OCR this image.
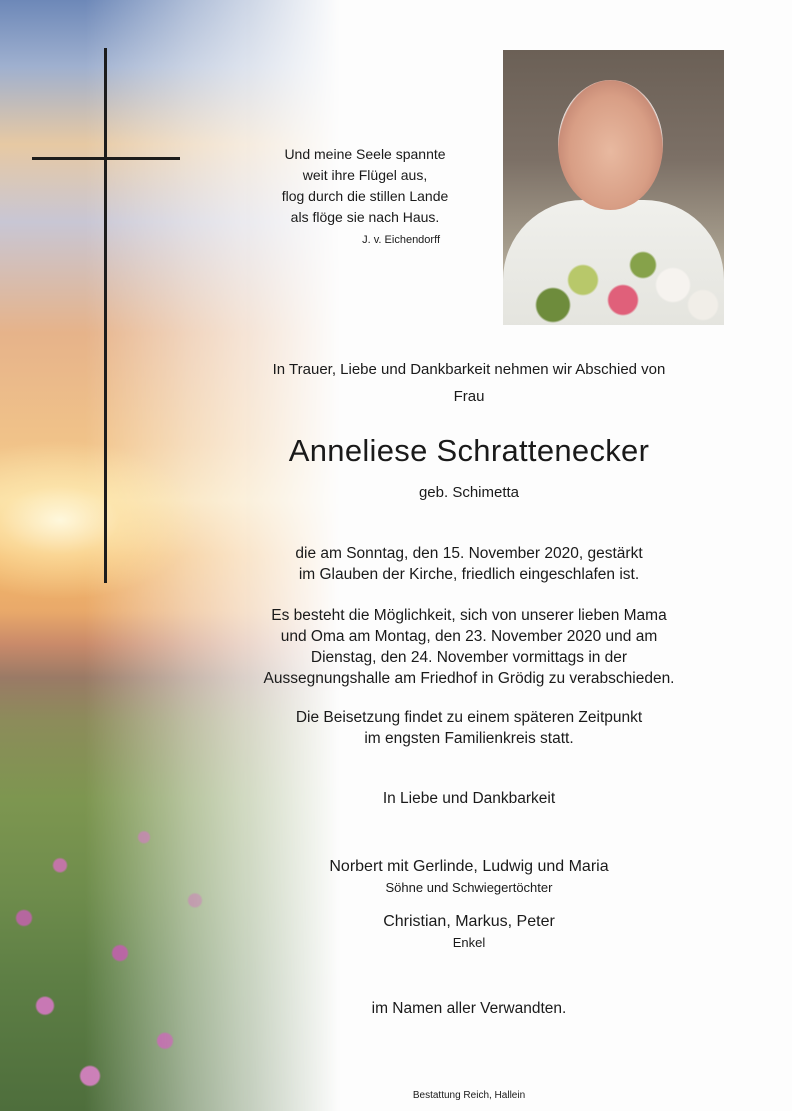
Und meine Seele spannte
weit ihre Flügel aus,
flog durch die stillen Lande
als flöge sie nach Haus.
J. v. Eichendorff
In Trauer, Liebe und Dankbarkeit nehmen wir Abschied von
Frau
Anneliese Schrattenecker
geb. Schimetta
die am Sonntag, den 15. November 2020, gestärkt
im Glauben der Kirche, friedlich eingeschlafen ist.
Es besteht die Möglichkeit, sich von unserer lieben Mama
und Oma am Montag, den 23. November 2020 und am
Dienstag, den 24. November vormittags in der
Aussegnungshalle am Friedhof in Grödig zu verabschieden.
Die Beisetzung findet zu einem späteren Zeitpunkt
im engsten Familienkreis statt.
In Liebe und Dankbarkeit
Norbert mit Gerlinde, Ludwig und Maria
Söhne und Schwiegertöchter
Christian, Markus, Peter
Enkel
im Namen aller Verwandten.
Bestattung Reich, Hallein
